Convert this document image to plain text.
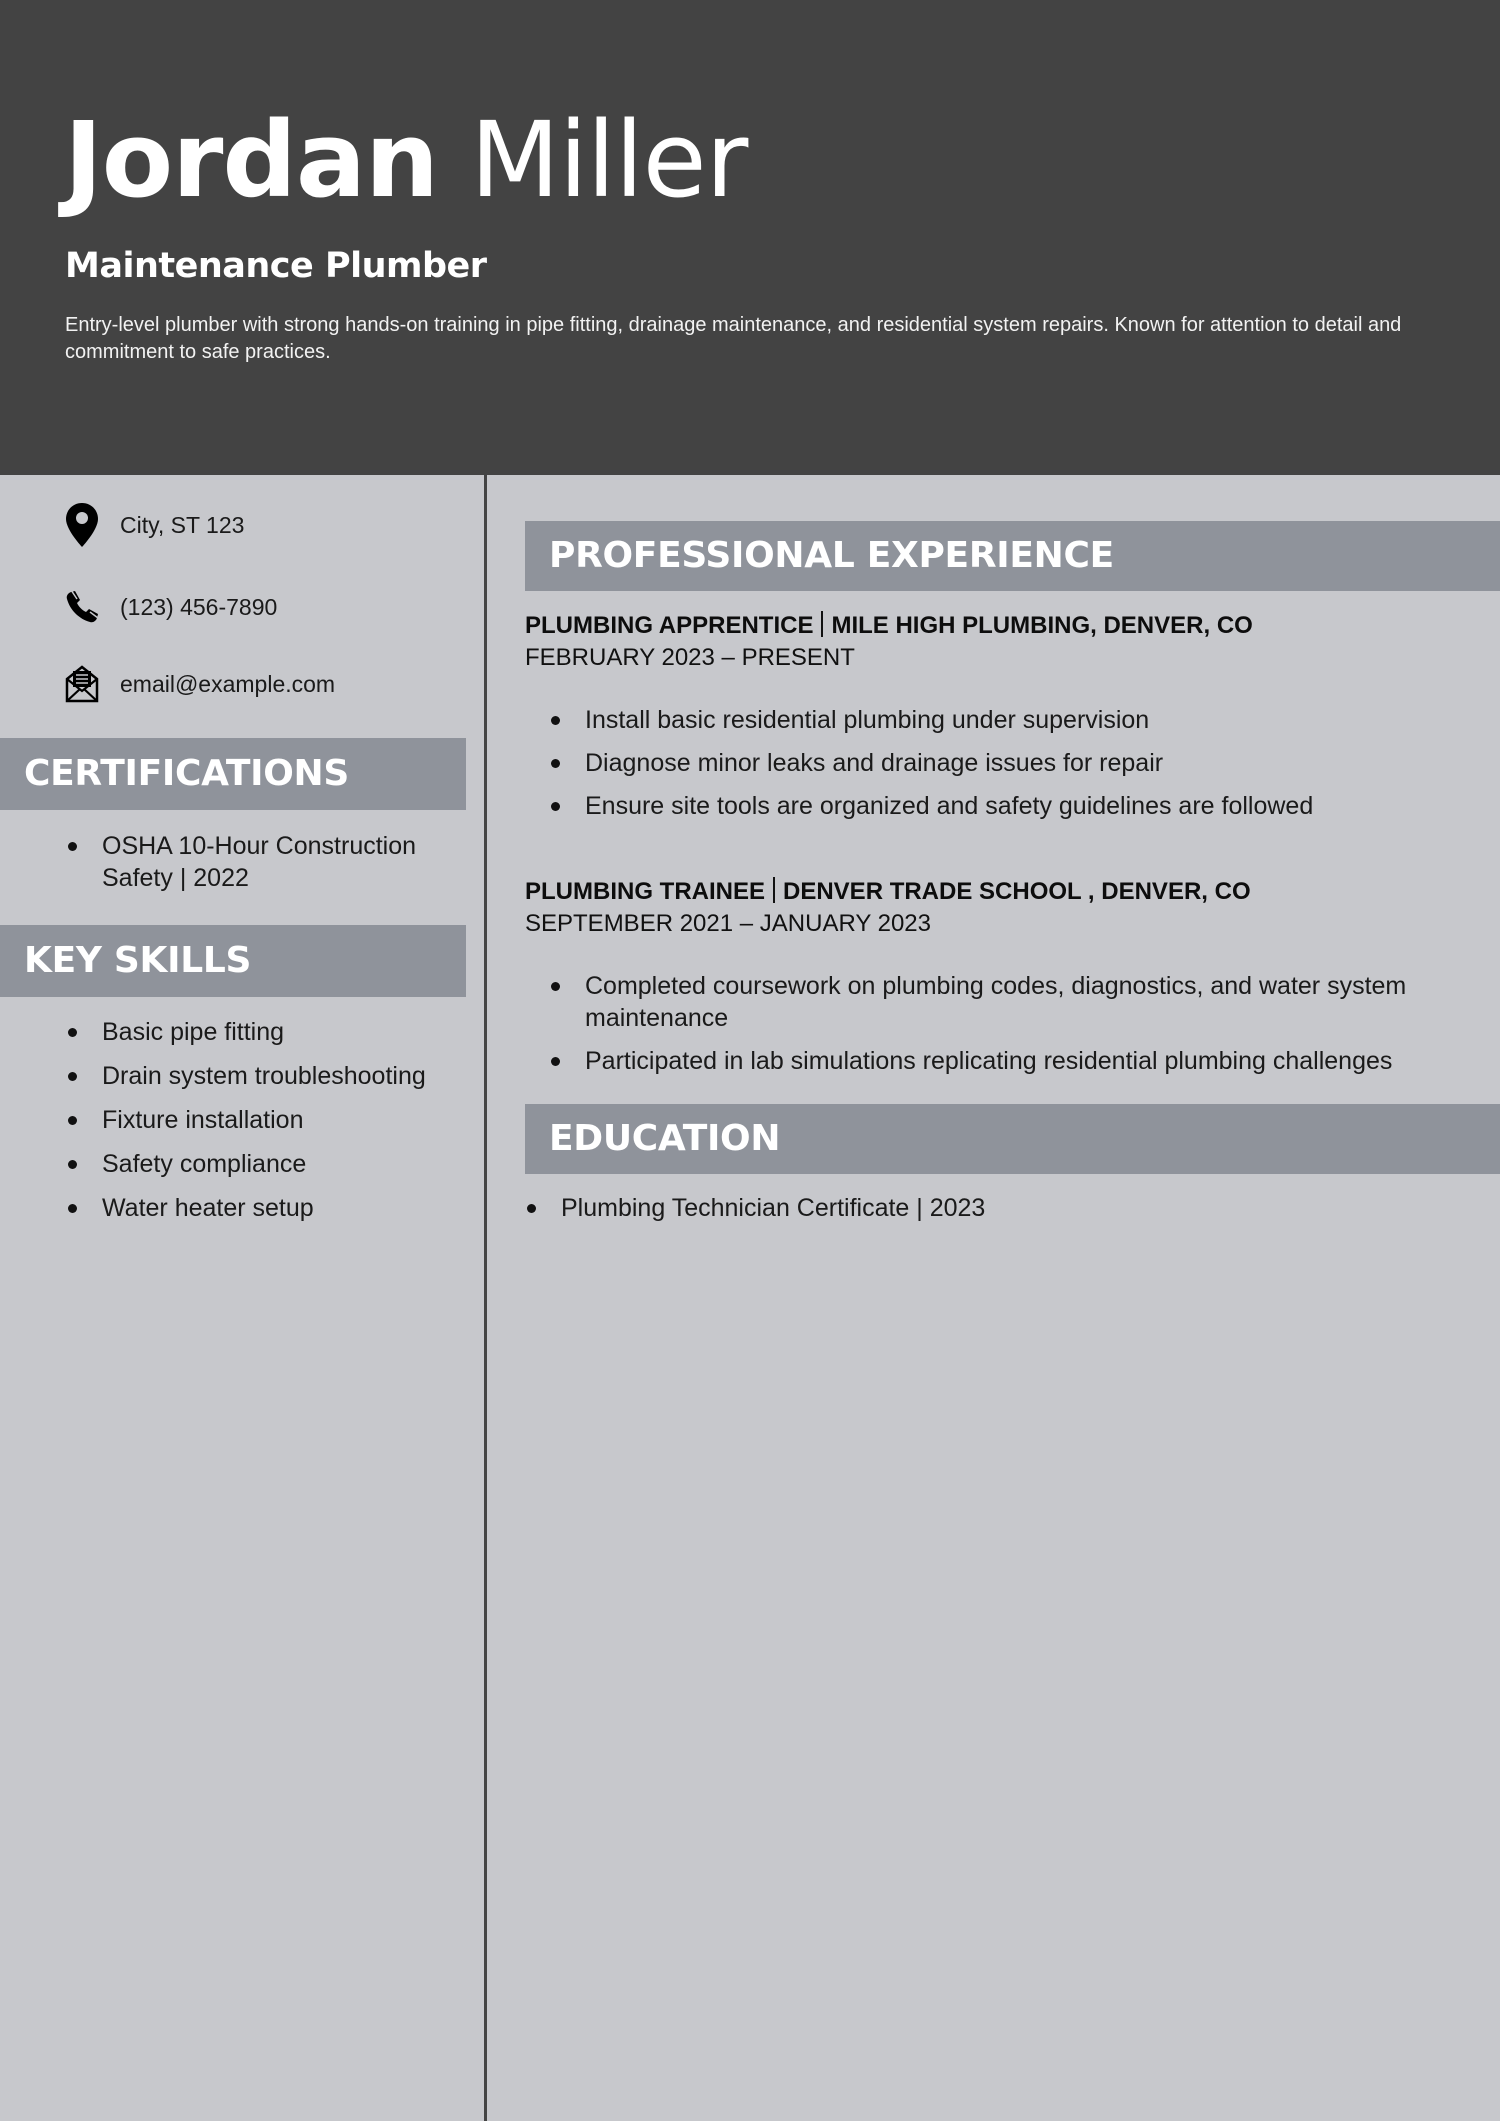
Jordan Miller
Maintenance Plumber
Entry-level plumber with strong hands-on training in pipe fitting, drainage maintenance, and residential system repairs. Known for attention to detail and commitment to safe practices.
City, ST 123
(123) 456-7890
email@example.com
CERTIFICATIONS
OSHA 10-Hour Construction Safety | 2022
KEY SKILLS
Basic pipe fitting
Drain system troubleshooting
Fixture installation
Safety compliance
Water heater setup
PROFESSIONAL EXPERIENCE
PLUMBING APPRENTICE MILE HIGH PLUMBING, DENVER, CO
FEBRUARY 2023 – PRESENT
Install basic residential plumbing under supervision
Diagnose minor leaks and drainage issues for repair
Ensure site tools are organized and safety guidelines are followed
PLUMBING TRAINEE DENVER TRADE SCHOOL , DENVER, CO
SEPTEMBER 2021 – JANUARY 2023
Completed coursework on plumbing codes, diagnostics, and water system maintenance
Participated in lab simulations replicating residential plumbing challenges
EDUCATION
Plumbing Technician Certificate | 2023
